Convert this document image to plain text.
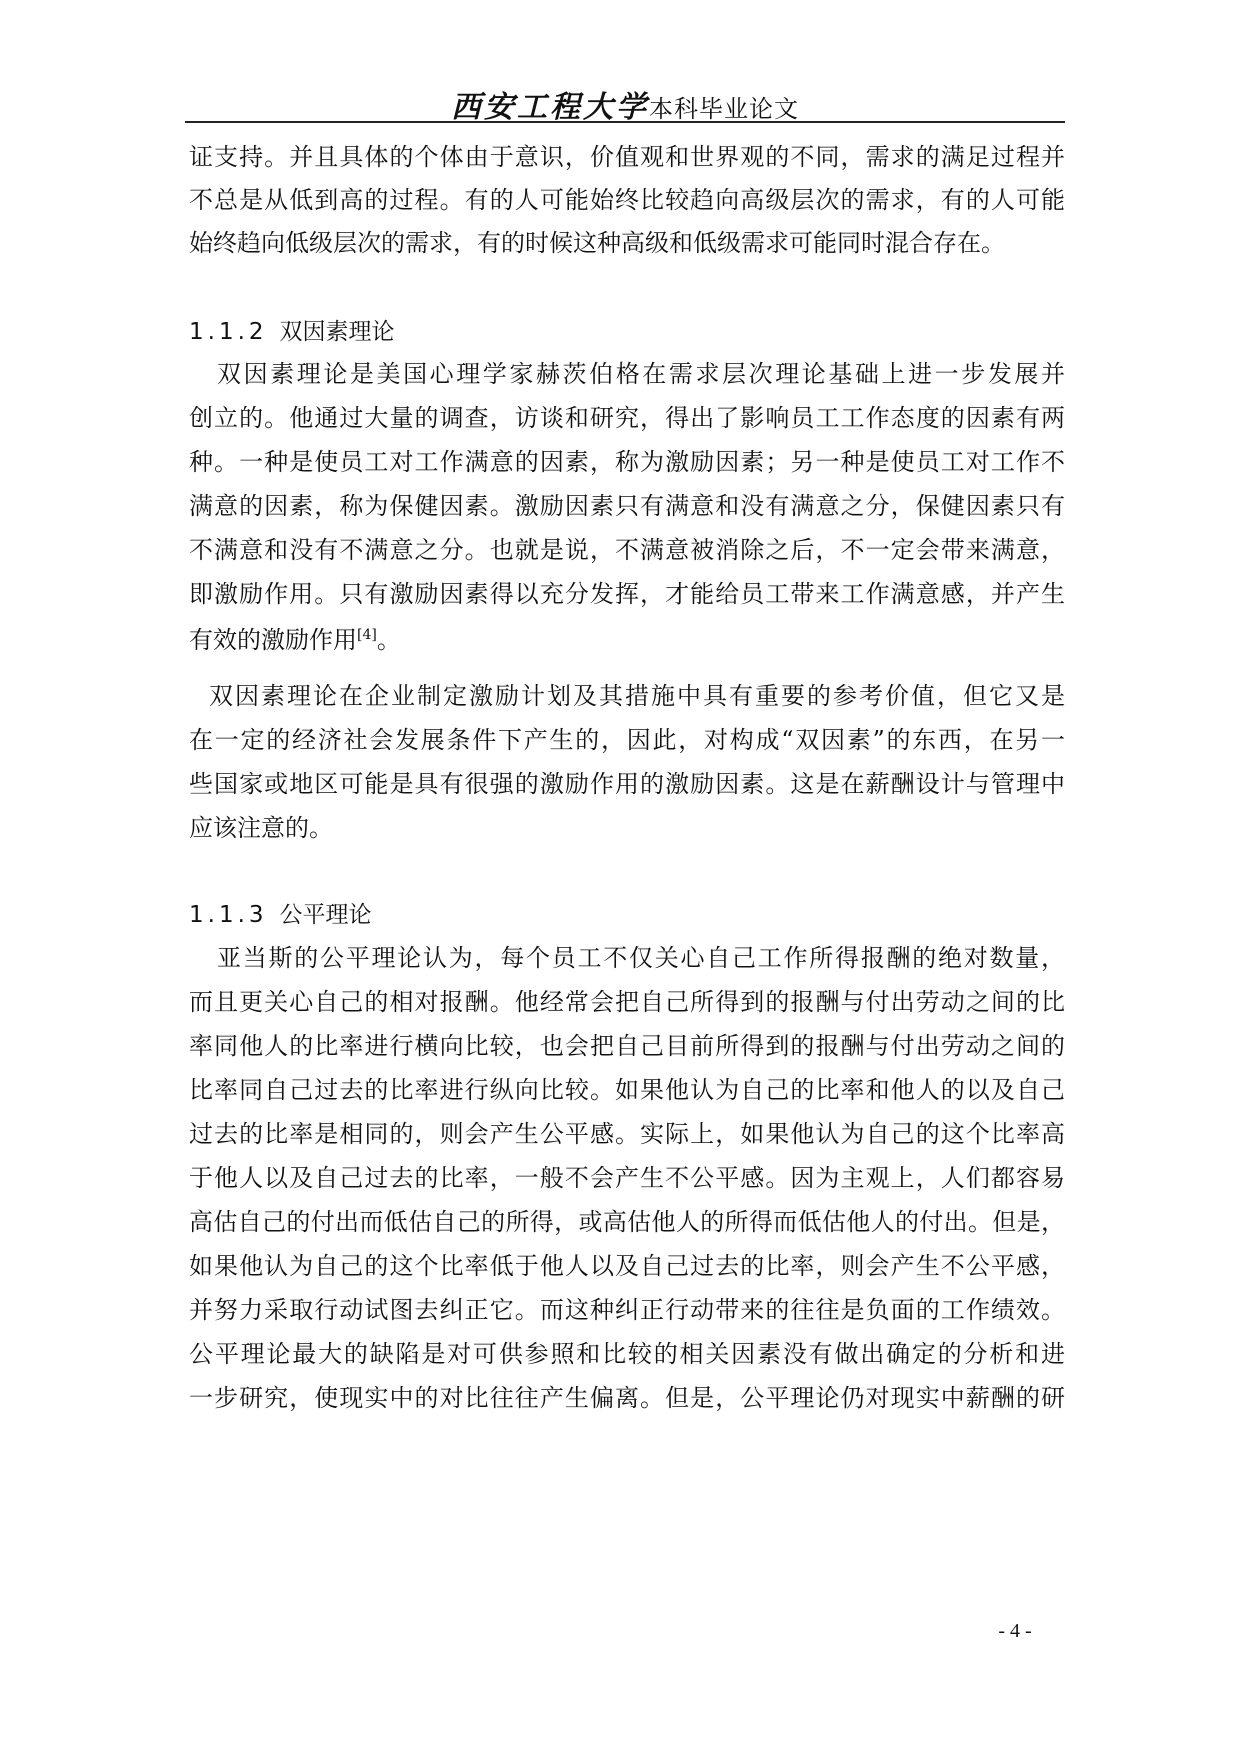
西安工程大学本科毕业论文
证支持。并且具体的个体由于意识，价值观和世界观的不同，需求的满足过程并
不总是从低到高的过程。有的人可能始终比较趋向高级层次的需求，有的人可能
始终趋向低级层次的需求，有的时候这种高级和低级需求可能同时混合存在。
1.1.2 双因素理论
双因素理论是美国心理学家赫茨伯格在需求层次理论基础上进一步发展并
创立的。他通过大量的调查，访谈和研究，得出了影响员工工作态度的因素有两
种。一种是使员工对工作满意的因素，称为激励因素；另一种是使员工对工作不
满意的因素，称为保健因素。激励因素只有满意和没有满意之分，保健因素只有
不满意和没有不满意之分。也就是说，不满意被消除之后，不一定会带来满意，
即激励作用。只有激励因素得以充分发挥，才能给员工带来工作满意感，并产生
有效的激励作用[4]。
双因素理论在企业制定激励计划及其措施中具有重要的参考价值，但它又是
在一定的经济社会发展条件下产生的，因此，对构成“双因素”的东西，在另一
些国家或地区可能是具有很强的激励作用的激励因素。这是在薪酬设计与管理中
应该注意的。
1.1.3 公平理论
亚当斯的公平理论认为，每个员工不仅关心自己工作所得报酬的绝对数量，
而且更关心自己的相对报酬。他经常会把自己所得到的报酬与付出劳动之间的比
率同他人的比率进行横向比较，也会把自己目前所得到的报酬与付出劳动之间的
比率同自己过去的比率进行纵向比较。如果他认为自己的比率和他人的以及自己
过去的比率是相同的，则会产生公平感。实际上，如果他认为自己的这个比率高
于他人以及自己过去的比率，一般不会产生不公平感。因为主观上，人们都容易
高估自己的付出而低估自己的所得，或高估他人的所得而低估他人的付出。但是，
如果他认为自己的这个比率低于他人以及自己过去的比率，则会产生不公平感，
并努力采取行动试图去纠正它。而这种纠正行动带来的往往是负面的工作绩效。
公平理论最大的缺陷是对可供参照和比较的相关因素没有做出确定的分析和进
一步研究，使现实中的对比往往产生偏离。但是，公平理论仍对现实中薪酬的研
- 4 -
